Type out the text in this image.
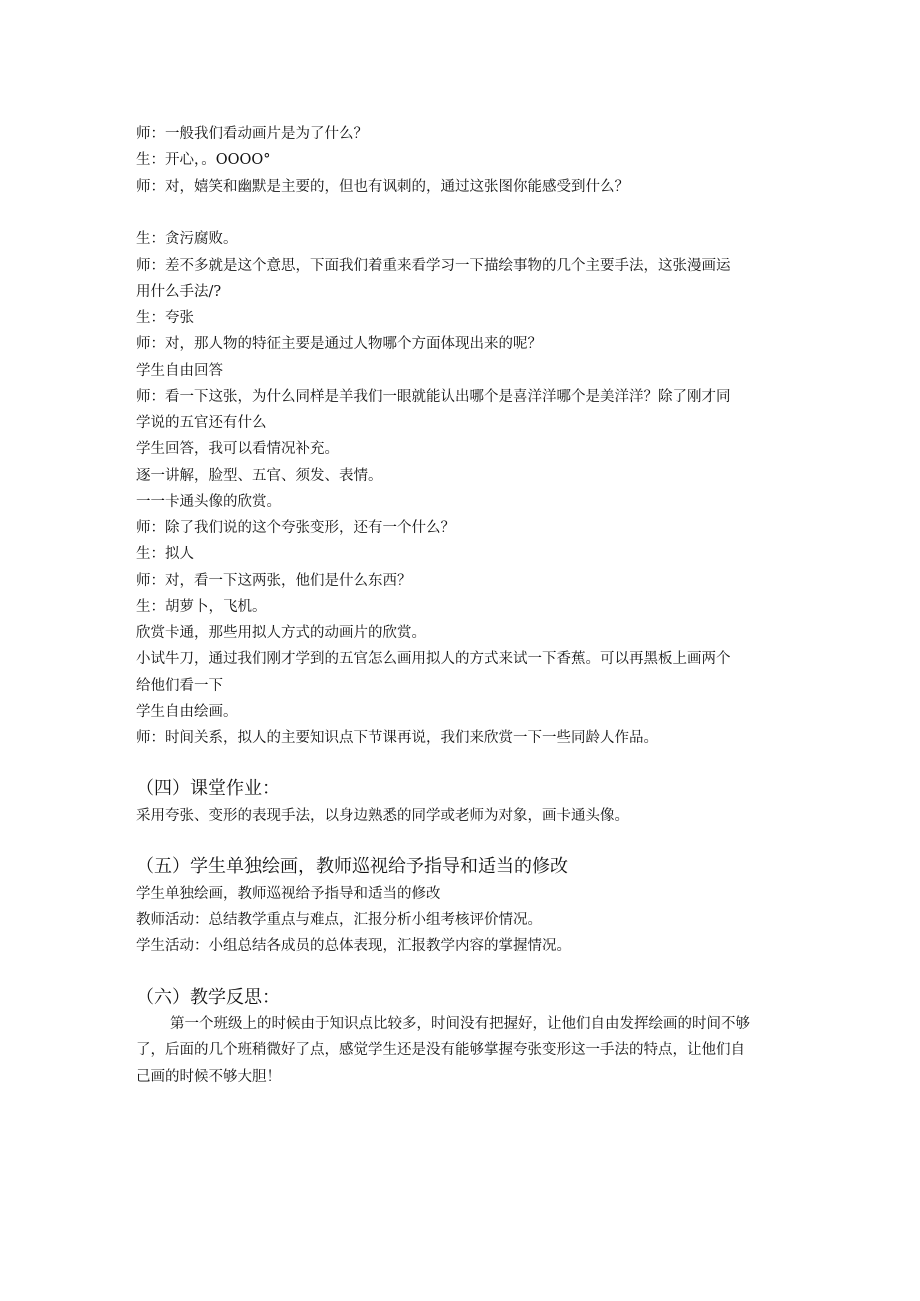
师：一般我们看动画片是为了什么？
生：开心，。OOOO°
师：对，嬉笑和幽默是主要的，但也有讽刺的，通过这张图你能感受到什么？
生：贪污腐败。
师：差不多就是这个意思，下面我们着重来看学习一下描绘事物的几个主要手法，这张漫画运
用什么手法/?
生：夸张
师：对，那人物的特征主要是通过人物哪个方面体现出来的呢？
学生自由回答
师：看一下这张，为什么同样是羊我们一眼就能认出哪个是喜洋洋哪个是美洋洋？除了刚才同
学说的五官还有什么
学生回答，我可以看情况补充。
逐一讲解，脸型、五官、须发、表情。
一一卡通头像的欣赏。
师：除了我们说的这个夸张变形，还有一个什么？
生：拟人
师：对，看一下这两张，他们是什么东西？
生：胡萝卜，飞机。
欣赏卡通，那些用拟人方式的动画片的欣赏。
小试牛刀，通过我们刚才学到的五官怎么画用拟人的方式来试一下香蕉。可以再黑板上画两个
给他们看一下
学生自由绘画。
师：时间关系，拟人的主要知识点下节课再说，我们来欣赏一下一些同龄人作品。
（四）课堂作业：
采用夸张、变形的表现手法，以身边熟悉的同学或老师为对象，画卡通头像。
（五）学生单独绘画，教师巡视给予指导和适当的修改
学生单独绘画，教师巡视给予指导和适当的修改
教师活动：总结教学重点与难点，汇报分析小组考核评价情况。
学生活动：小组总结各成员的总体表现，汇报教学内容的掌握情况。
（六）教学反思：
第一个班级上的时候由于知识点比较多，时间没有把握好，让他们自由发挥绘画的时间不够
了，后面的几个班稍微好了点，感觉学生还是没有能够掌握夸张变形这一手法的特点，让他们自
己画的时候不够大胆！
